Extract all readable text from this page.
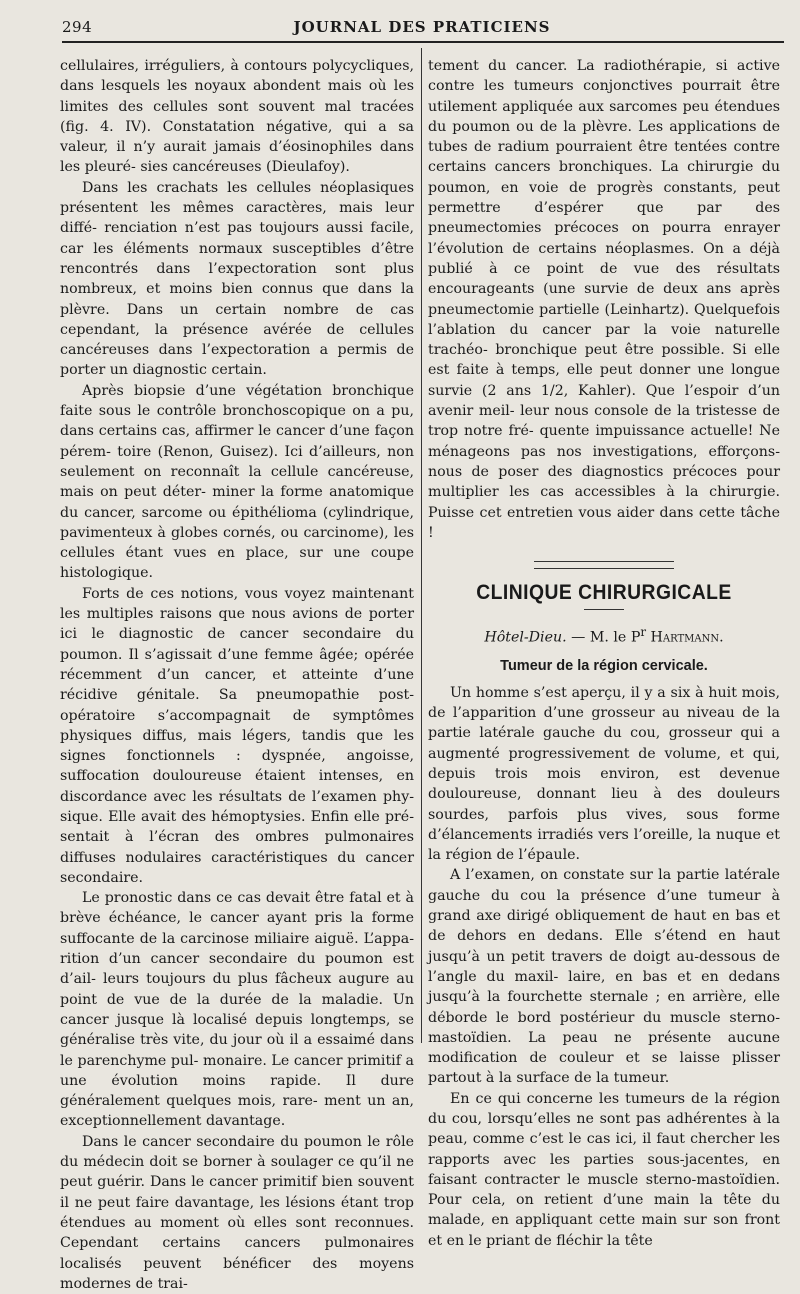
294	JOURNAL DES PRATICIENS

cellulaires, irréguliers, à contours polycycliques, dans lesquels les noyaux abondent mais où les limites des cellules sont souvent mal tracées (fig. 4. IV). Constatation négative, qui a sa valeur, il n’y aurait jamais d’éosinophiles dans les pleuré- sies cancéreuses (Dieulafoy).

Dans les crachats les cellules néoplasiques présentent les mêmes caractères, mais leur diffé- renciation n’est pas toujours aussi facile, car les éléments normaux susceptibles d’être rencontrés dans l’expectoration sont plus nombreux, et moins bien connus que dans la plèvre. Dans un certain nombre de cas cependant, la présence avérée de cellules cancéreuses dans l’expectoration a permis de porter un diagnostic certain.

Après biopsie d’une végétation bronchique faite sous le contrôle bronchoscopique on a pu, dans certains cas, affirmer le cancer d’une façon pérem- toire (Renon, Guisez). Ici d’ailleurs, non seulement on reconnaît la cellule cancéreuse, mais on peut déter- miner la forme anatomique du cancer, sarcome ou épithélioma (cylindrique, pavimenteux à globes cornés, ou carcinome), les cellules étant vues en place, sur une coupe histologique.

Forts de ces notions, vous voyez maintenant les multiples raisons que nous avions de porter ici le diagnostic de cancer secondaire du poumon. Il s’agissait d’une femme âgée; opérée récemment d’un cancer, et atteinte d’une récidive génitale. Sa pneumopathie post-opératoire s’accompagnait de symptômes physiques diffus, mais légers, tandis que les signes fonctionnels : dyspnée, angoisse, suffocation douloureuse étaient intenses, en discordance avec les résultats de l’examen phy- sique. Elle avait des hémoptysies. Enfin elle pré- sentait à l’écran des ombres pulmonaires diffuses nodulaires caractéristiques du cancer secondaire.

Le pronostic dans ce cas devait être fatal et à brève échéance, le cancer ayant pris la forme suffocante de la carcinose miliaire aiguë. L’appa- rition d’un cancer secondaire du poumon est d’ail- leurs toujours du plus fâcheux augure au point de vue de la durée de la maladie. Un cancer jusque là localisé depuis longtemps, se généralise très vite, du jour où il a essaimé dans le parenchyme pul- monaire. Le cancer primitif a une évolution moins rapide. Il dure généralement quelques mois, rare- ment un an, exceptionnellement davantage.

Dans le cancer secondaire du poumon le rôle du médecin doit se borner à soulager ce qu’il ne peut guérir. Dans le cancer primitif bien souvent il ne peut faire davantage, les lésions étant trop étendues au moment où elles sont reconnues. Cependant certains cancers pulmonaires localisés peuvent bénéficer des moyens modernes de trai-

tement du cancer. La radiothérapie, si active contre les tumeurs conjonctives pourrait être utilement appliquée aux sarcomes peu étendues du poumon ou de la plèvre. Les applications de tubes de radium pourraient être tentées contre certains cancers bronchiques. La chirurgie du poumon, en voie de progrès constants, peut permettre d’espérer que par des pneumectomies précoces on pourra enrayer l’évolution de certains néoplasmes. On a déjà publié à ce point de vue des résultats encourageants (une survie de deux ans après pneumectomie partielle (Leinhartz). Quelquefois l’ablation du cancer par la voie naturelle trachéo- bronchique peut être possible. Si elle est faite à temps, elle peut donner une longue survie (2 ans 1/2, Kahler). Que l’espoir d’un avenir meil- leur nous console de la tristesse de trop notre fré- quente impuissance actuelle! Ne ménageons pas nos investigations, efforçons-nous de poser des diagnostics précoces pour multiplier les cas accessibles à la chirurgie. Puisse cet entretien vous aider dans cette tâche !

CLINIQUE CHIRURGICALE
Hôtel-Dieu. — M. le $P^r$ Hartmann.
Tumeur de la région cervicale.

Un homme s’est aperçu, il y a six à huit mois, de l’apparition d’une grosseur au niveau de la partie latérale gauche du cou, grosseur qui a augmenté progressivement de volume, et qui, depuis trois mois environ, est devenue douloureuse, donnant lieu à des douleurs sourdes, parfois plus vives, sous forme d’élancements irradiés vers l’oreille, la nuque et la région de l’épaule.

A l’examen, on constate sur la partie latérale gauche du cou la présence d’une tumeur à grand axe dirigé obliquement de haut en bas et de dehors en dedans. Elle s’étend en haut jusqu’à un petit travers de doigt au-dessous de l’angle du maxil- laire, en bas et en dedans jusqu’à la fourchette sternale ; en arrière, elle déborde le bord postérieur du muscle sterno-mastoïdien. La peau ne présente aucune modification de couleur et se laisse plisser partout à la surface de la tumeur.

En ce qui concerne les tumeurs de la région du cou, lorsqu’elles ne sont pas adhérentes à la peau, comme c’est le cas ici, il faut chercher les rapports avec les parties sous-jacentes, en faisant contracter le muscle sterno-mastoïdien. Pour cela, on retient d’une main la tête du malade, en appliquant cette main sur son front et en le priant de fléchir la tête
